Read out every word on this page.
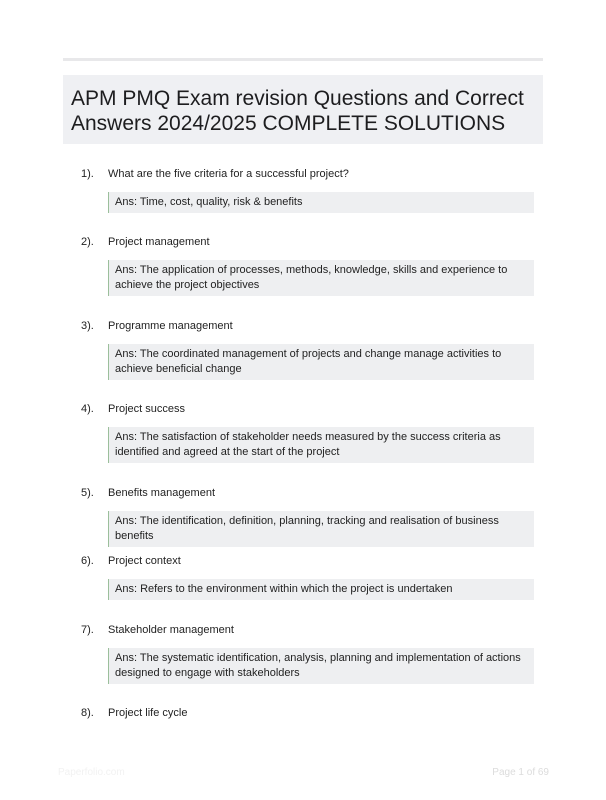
APM PMQ Exam revision Questions and Correct Answers 2024/2025 COMPLETE SOLUTIONS
1). What are the five criteria for a successful project?
Ans: Time, cost, quality, risk & benefits
2). Project management
Ans: The application of processes, methods, knowledge, skills and experience to achieve the project objectives
3). Programme management
Ans: The coordinated management of projects and change manage activities to achieve beneficial change
4). Project success
Ans: The satisfaction of stakeholder needs measured by the success criteria as identified and agreed at the start of the project
5). Benefits management
Ans: The identification, definition, planning, tracking and realisation of business benefits
6). Project context
Ans: Refers to the environment within which the project is undertaken
7). Stakeholder management
Ans: The systematic identification, analysis, planning and implementation of actions designed to engage with stakeholders
8). Project life cycle
Paperfolio.com	Page 1 of 69
